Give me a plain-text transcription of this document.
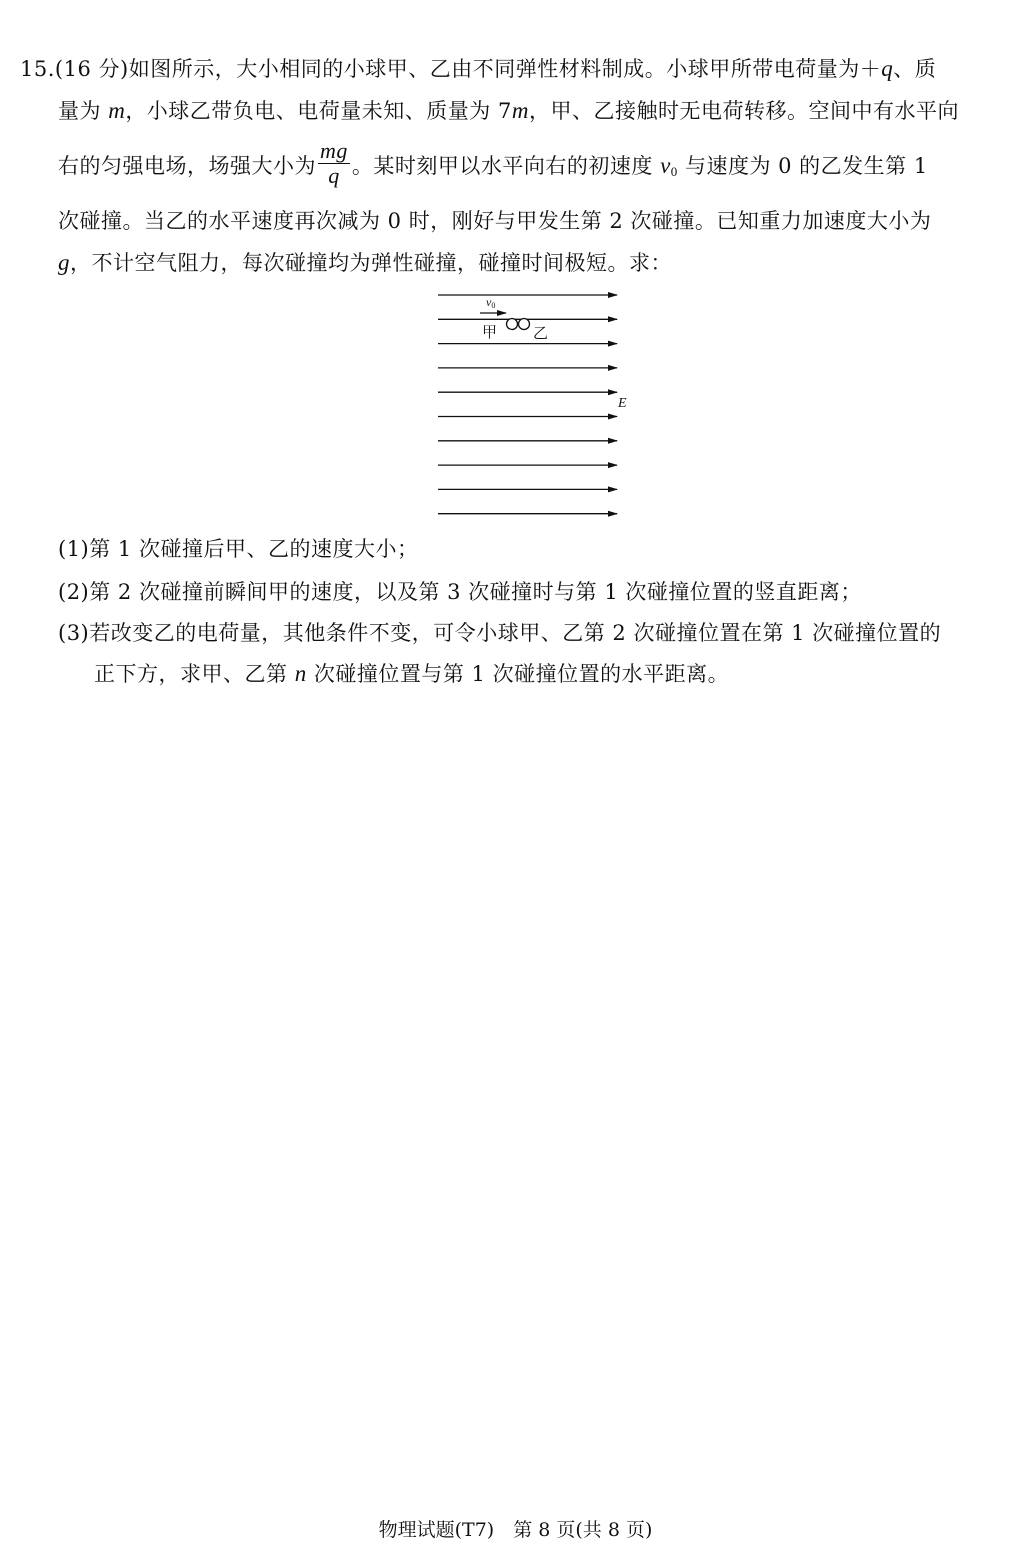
15.(16 分)如图所示，大小相同的小球甲、乙由不同弹性材料制成。小球甲所带电荷量为＋q、质
量为 m，小球乙带负电、电荷量未知、质量为 7m，甲、乙接触时无电荷转移。空间中有水平向
右的匀强电场，场强大小为 $\frac{mg}{q}$ 。某时刻甲以水平向右的初速度 $v_0$ 与速度为 0 的乙发生第 1
次碰撞。当乙的水平速度再次减为 0 时，刚好与甲发生第 2 次碰撞。已知重力加速度大小为
g，不计空气阻力，每次碰撞均为弹性碰撞，碰撞时间极短。求：
v0
甲 乙
E
(1)第 1 次碰撞后甲、乙的速度大小；
(2)第 2 次碰撞前瞬间甲的速度，以及第 3 次碰撞时与第 1 次碰撞位置的竖直距离；
(3)若改变乙的电荷量，其他条件不变，可令小球甲、乙第 2 次碰撞位置在第 1 次碰撞位置的
正下方，求甲、乙第 n 次碰撞位置与第 1 次碰撞位置的水平距离。
物理试题(T7)　第 8 页(共 8 页)
